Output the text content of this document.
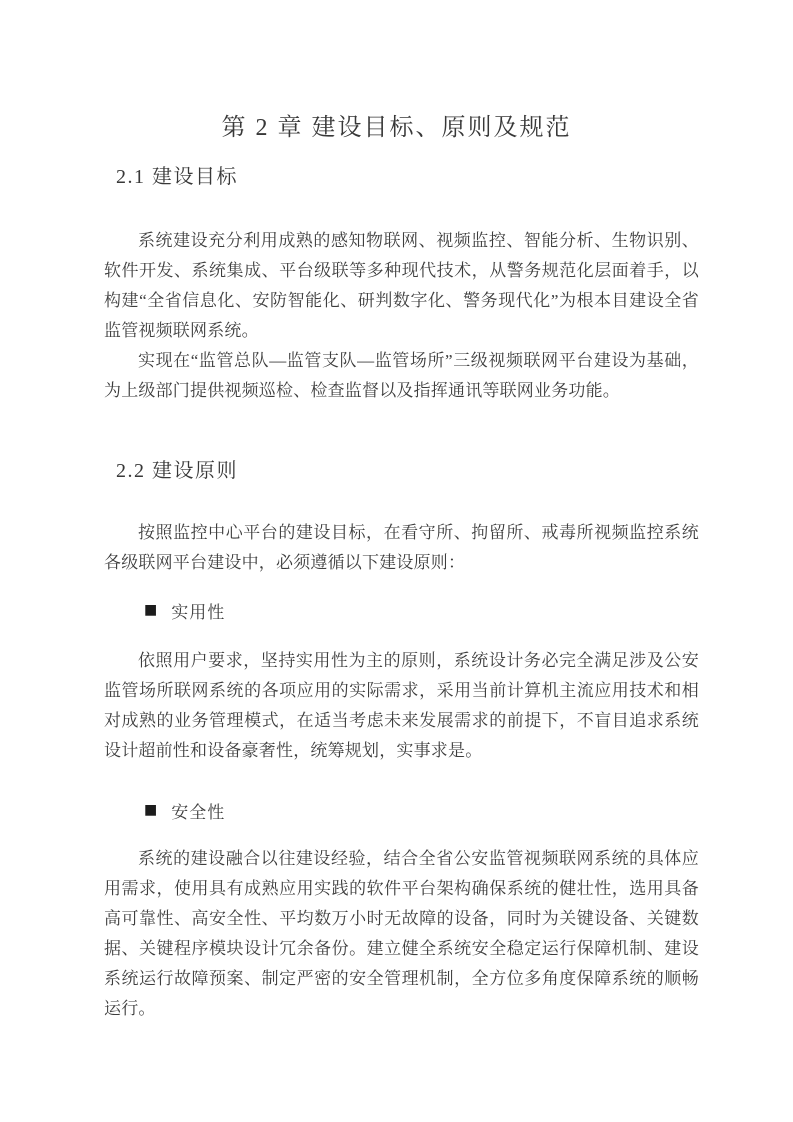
第 2 章 建设目标、原则及规范
2.1 建设目标

系统建设充分利用成熟的感知物联网、视频监控、智能分析、生物识别、软件开发、系统集成、平台级联等多种现代技术，从警务规范化层面着手，以构建“全省信息化、安防智能化、研判数字化、警务现代化”为根本目建设全省监管视频联网系统。

实现在“监管总队—监管支队—监管场所”三级视频联网平台建设为基础，为上级部门提供视频巡检、检查监督以及指挥通讯等联网业务功能。

2.2 建设原则

按照监控中心平台的建设目标，在看守所、拘留所、戒毒所视频监控系统各级联网平台建设中，必须遵循以下建设原则：

■ 实用性

依照用户要求，坚持实用性为主的原则，系统设计务必完全满足涉及公安监管场所联网系统的各项应用的实际需求，采用当前计算机主流应用技术和相对成熟的业务管理模式，在适当考虑未来发展需求的前提下，不盲目追求系统设计超前性和设备豪奢性，统筹规划，实事求是。

■ 安全性

系统的建设融合以往建设经验，结合全省公安监管视频联网系统的具体应用需求，使用具有成熟应用实践的软件平台架构确保系统的健壮性，选用具备高可靠性、高安全性、平均数万小时无故障的设备，同时为关键设备、关键数据、关键程序模块设计冗余备份。建立健全系统安全稳定运行保障机制、建设系统运行故障预案、制定严密的安全管理机制，全方位多角度保障系统的顺畅运行。
